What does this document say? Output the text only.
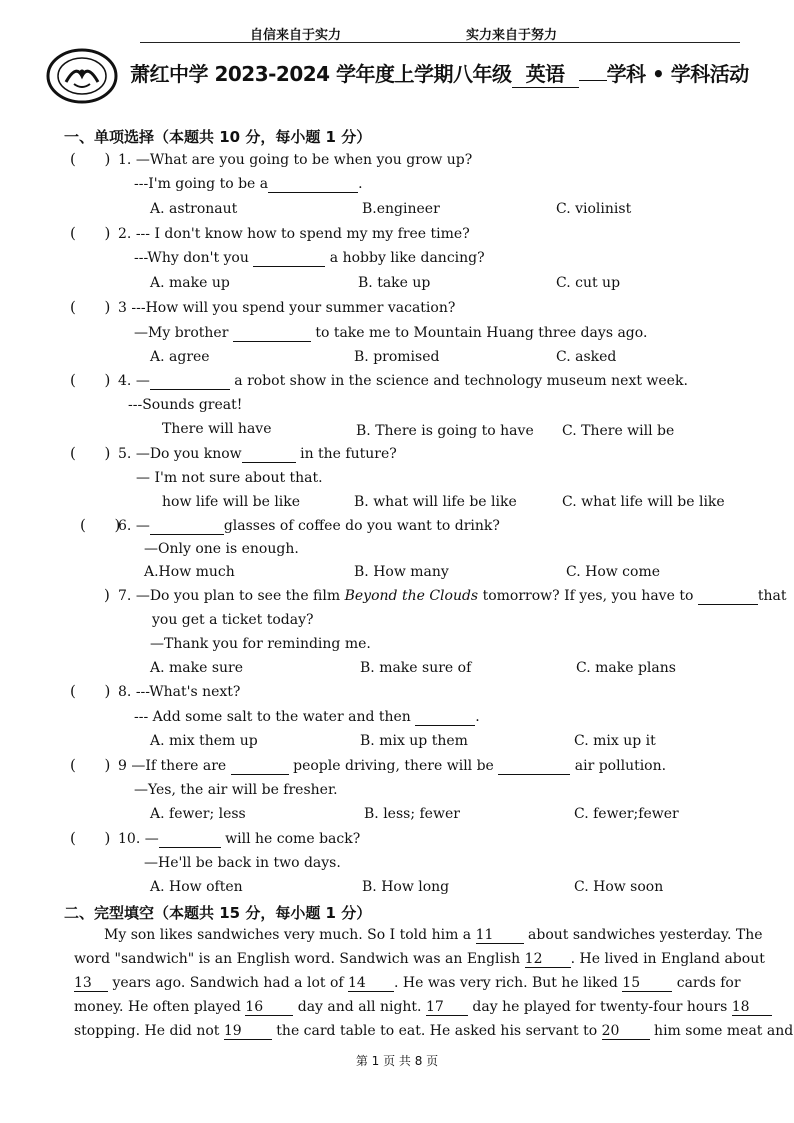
自信来自于实力	实力来自于努力
萧红中学 2023-2024 学年度上学期八年级 英语 学科 • 学科活动
一、单项选择（本题共 10 分，每小题 1 分）
(      ) 1. —What are you going to be when you grow up?
---I'm going to be a	.
A. astronaut	B.engineer	C. violinist
(      ) 2. --- I don't know how to spend my my free time?
---Why don't you	a hobby like dancing?
A. make up	B. take up	C. cut up
(      ) 3 ---How will you spend your summer vacation?
—My brother	to take me to Mountain Huang three days ago.
A. agree	B. promised	C. asked
(      ) 4. —	a robot show in the science and technology museum next week.
---Sounds great!
There will have	B. There is going to have C. There will be
(      ) 5. —Do you know	in the future?
— I'm not sure about that.
how life will be like	B. what will life be like	C. what life will be like
(      )
6. —	glasses of coffee do you want to drink?
—Only one is enough.
A.How much	B. How many	C. How come
) 7. —Do you plan to see the film Beyond the Clouds tomorrow? If yes, you have to	that
you get a ticket today?
—Thank you for reminding me.
A. make sure	B. make sure of	C. make plans
(      ) 8. ---What's next?
--- Add some salt to the water and then	.
A. mix them up	B. mix up them	C. mix up it
(      ) 9 —If there are	people driving, there will be	air pollution.
—Yes, the air will be fresher.
A. fewer; less	B. less; fewer	C. fewer;fewer
(      ) 10. —	will he come back?
—He'll be back in two days.
A. How often	B. How long	C. How soon
二、完型填空（本题共 15 分，每小题 1 分）
My son likes sandwiches very much. So I told him a 11 about sandwiches yesterday. The
word "sandwich" is an English word. Sandwich was an English 12 . He lived in England about
13 years ago. Sandwich had a lot of 14 . He was very rich. But he liked 15	cards for
money. He often played 16 day and all night. 17 day he played for twenty-four hours 18
stopping. He did not 19 the card table to eat. He asked his servant to 20 him some meat and
第 1 页 共 8 页
